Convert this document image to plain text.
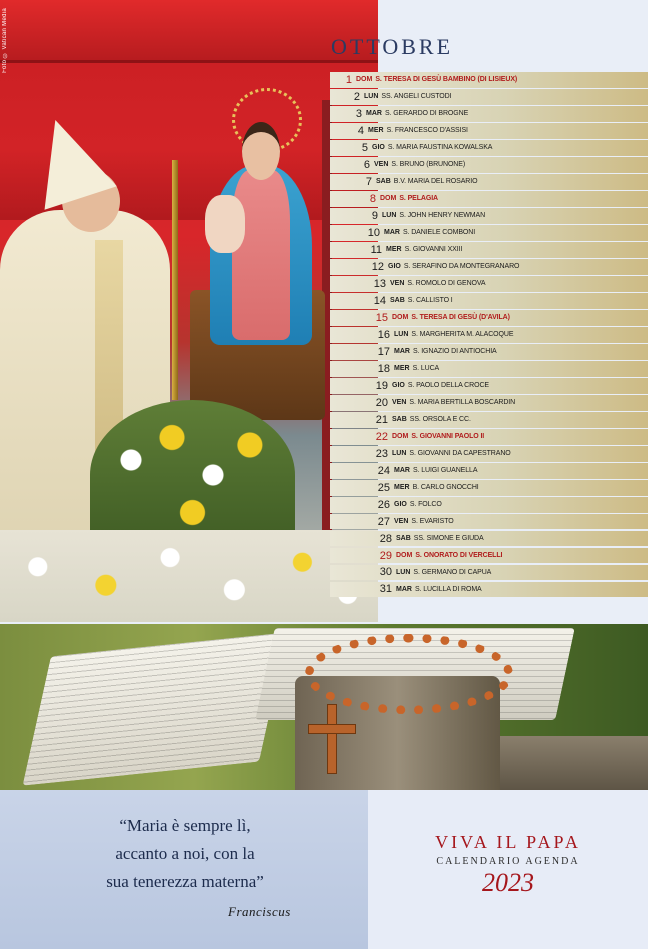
Foto © Vatican Media	OTTOBRE
1 DOM S. TERESA DI GESÙ BAMBINO (DI LISIEUX)
2 LUN SS. ANGELI CUSTODI
3 MAR S. GERARDO DI BROGNE
4 MER S. FRANCESCO D'ASSISI
5 GIO S. MARIA FAUSTINA KOWALSKA
6 VEN S. BRUNO (BRUNONE)
7 SAB B.V. MARIA DEL ROSARIO
8 DOM S. PELAGIA
9 LUN S. JOHN HENRY NEWMAN
10 MAR S. DANIELE COMBONI
11 MER S. GIOVANNI XXIII
12 GIO S. SERAFINO DA MONTEGRANARO
13 VEN S. ROMOLO DI GENOVA
14 SAB S. CALLISTO I
15 DOM S. TERESA DI GESÙ (D'AVILA)
16 LUN S. MARGHERITA M. ALACOQUE
17 MAR S. IGNAZIO DI ANTIOCHIA
18 MER S. LUCA
19 GIO S. PAOLO DELLA CROCE
20 VEN S. MARIA BERTILLA BOSCARDIN
21 SAB SS. ORSOLA E CC.
22 DOM S. GIOVANNI PAOLO II
23 LUN S. GIOVANNI DA CAPESTRANO
24 MAR S. LUIGI GUANELLA
25 MER B. CARLO GNOCCHI
26 GIO S. FOLCO
27 VEN S. EVARISTO
28 SAB SS. SIMONE E GIUDA
29 DOM S. ONORATO DI VERCELLI
30 LUN S. GERMANO DI CAPUA
31 MAR S. LUCILLA DI ROMA

“Maria è sempre lì,
accanto a noi, con la
sua tenerezza materna”

Franciscus
VIVA IL PAPA
CALENDARIO AGENDA
2023
